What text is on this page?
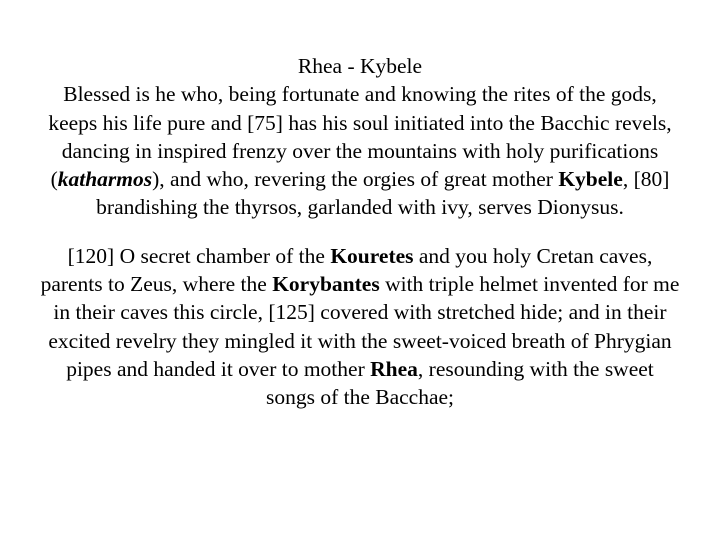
Rhea - Kybele

Blessed is he who, being fortunate and knowing the rites of the gods, keeps his life pure and [75] has his soul initiated into the Bacchic revels, dancing in inspired frenzy over the mountains with holy purifications (katharmos), and who, revering the orgies of great mother Kybele, [80] brandishing the thyrsos, garlanded with ivy, serves Dionysus.

[120] O secret chamber of the Kouretes and you holy Cretan caves, parents to Zeus, where the Korybantes with triple helmet invented for me in their caves this circle, [125] covered with stretched hide; and in their excited revelry they mingled it with the sweet-voiced breath of Phrygian pipes and handed it over to mother Rhea, resounding with the sweet songs of the Bacchae;
